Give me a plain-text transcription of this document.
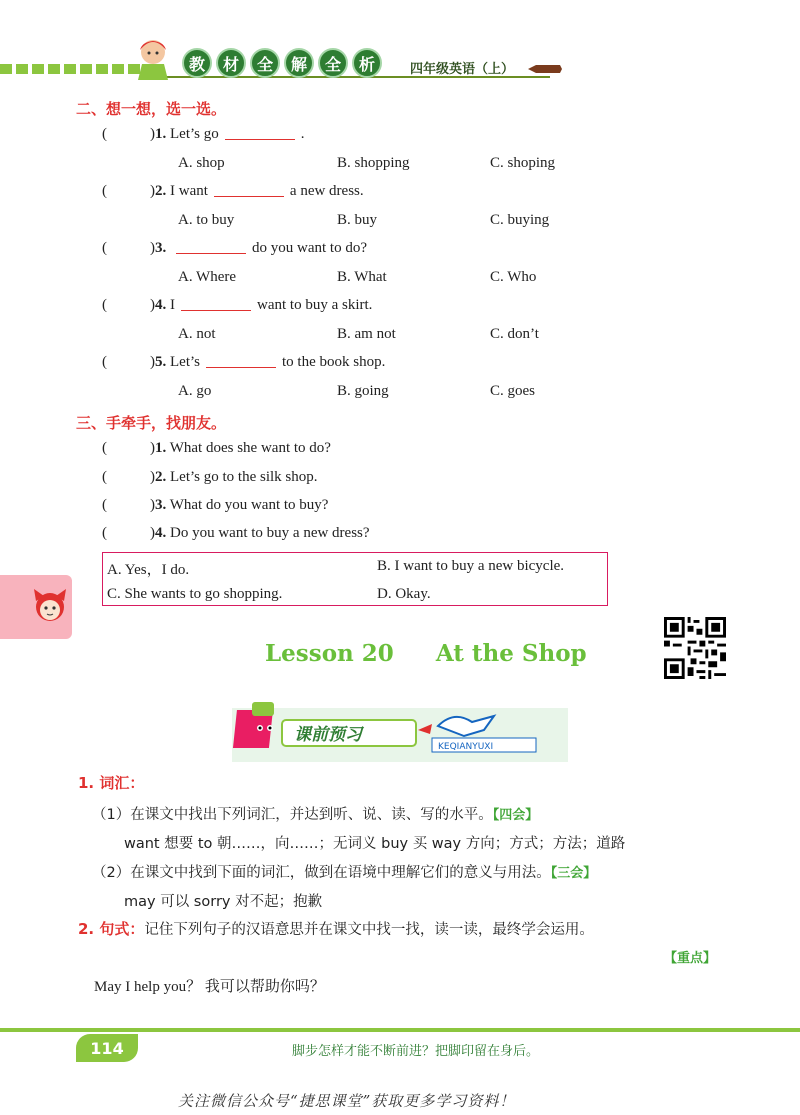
教	材	全	解	全	析	四年级英语（上）
二、想一想，选一选。
(	)1. Let’s go	.
A. shop	B. shopping	C. shoping
(	)2. I want	a new dress.
A. to buy	B. buy	C. buying
(	)3.	do you want to do?
A. Where	B. What	C. Who
(	)4. I	want to buy a skirt.
A. not	B. am not	C. don’t
(	)5. Let’s	to the book shop.
A. go	B. going	C. goes
三、手牵手，找朋友。
(	)1. What does she want to do?
(	)2. Let’s go to the silk shop.
(	)3. What do you want to buy?
(	)4. Do you want to buy a new dress?
A. Yes，I do.	B. I want to buy a new bicycle.
C. She wants to go shopping.	D. Okay.
Lesson 20 At the Shop
课前预习
KEQIANYUXI
1. 词汇：
（1）在课文中找出下列词汇，并达到听、说、读、写的水平。【四会】
want 想要 to 朝……，向……；无词义 buy 买 way 方向；方式；方法；道路
（2）在课文中找到下面的词汇，做到在语境中理解它们的意义与用法。【三会】
may 可以 sorry 对不起；抱歉
2. 句式：记住下列句子的汉语意思并在课文中找一找，读一读，最终学会运用。
【重点】
May I help you？ 我可以帮助你吗？
114	脚步怎样才能不断前进？把脚印留在身后。
关注微信公众号“捷思课堂”获取更多学习资料！
